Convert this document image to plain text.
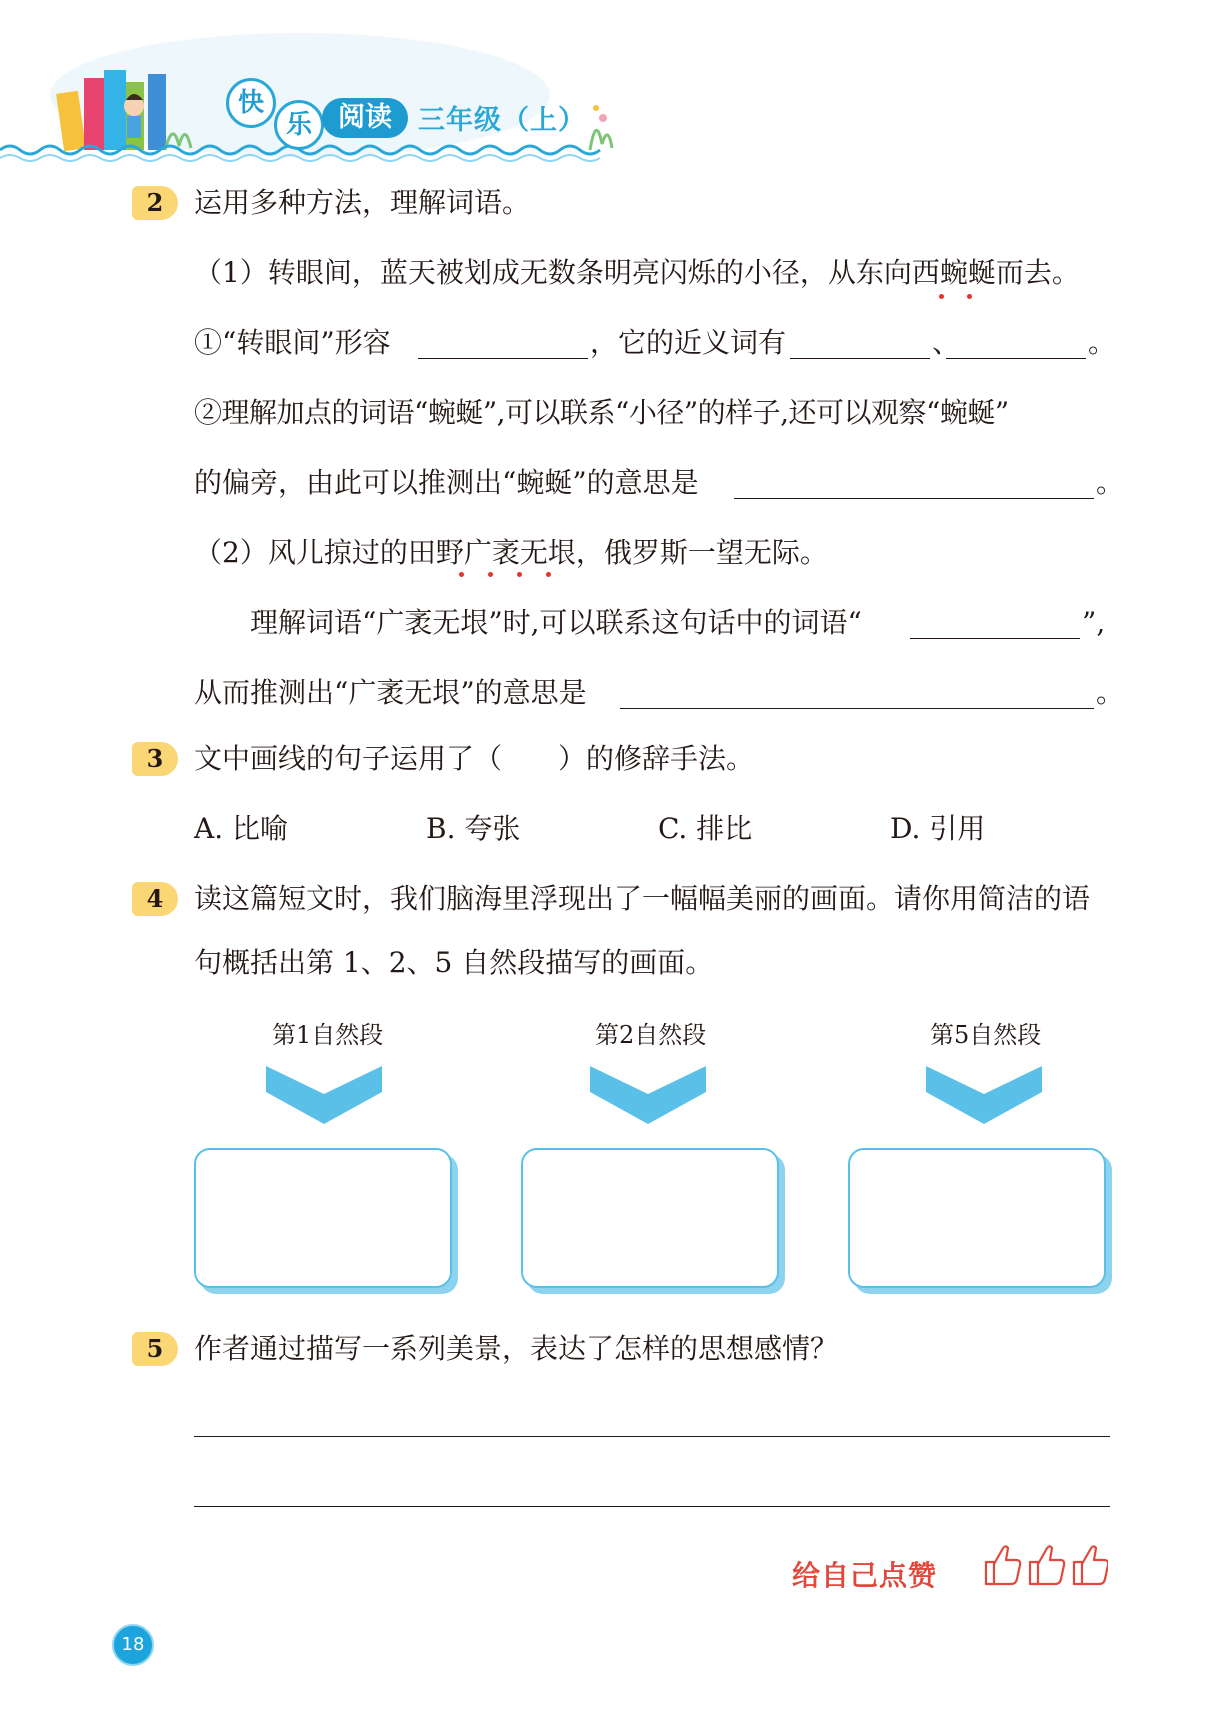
快
乐 阅读 三年级（上）
2	运用多种方法，理解词语。
（1）转眼间，蓝天被划成无数条明亮闪烁的小径，从东向西蜿蜒而去。
①“转眼间”形容	，它的近义词有	、	。
②理解加点的词语“蜿蜒”,可以联系“小径”的样子,还可以观察“蜿蜒”
的偏旁，由此可以推测出“蜿蜒”的意思是	。
（2）风儿掠过的田野广袤无垠，俄罗斯一望无际。
理解词语“广袤无垠”时,可以联系这句话中的词语“	”,
从而推测出“广袤无垠”的意思是	。
3	文中画线的句子运用了（　　）的修辞手法。
A. 比喻	B. 夸张	C. 排比	D. 引用
4	读这篇短文时，我们脑海里浮现出了一幅幅美丽的画面。请你用简洁的语
句概括出第 1、2、5 自然段描写的画面。
第1自然段	第2自然段	第5自然段
5	作者通过描写一系列美景，表达了怎样的思想感情？
给自己点赞
18
